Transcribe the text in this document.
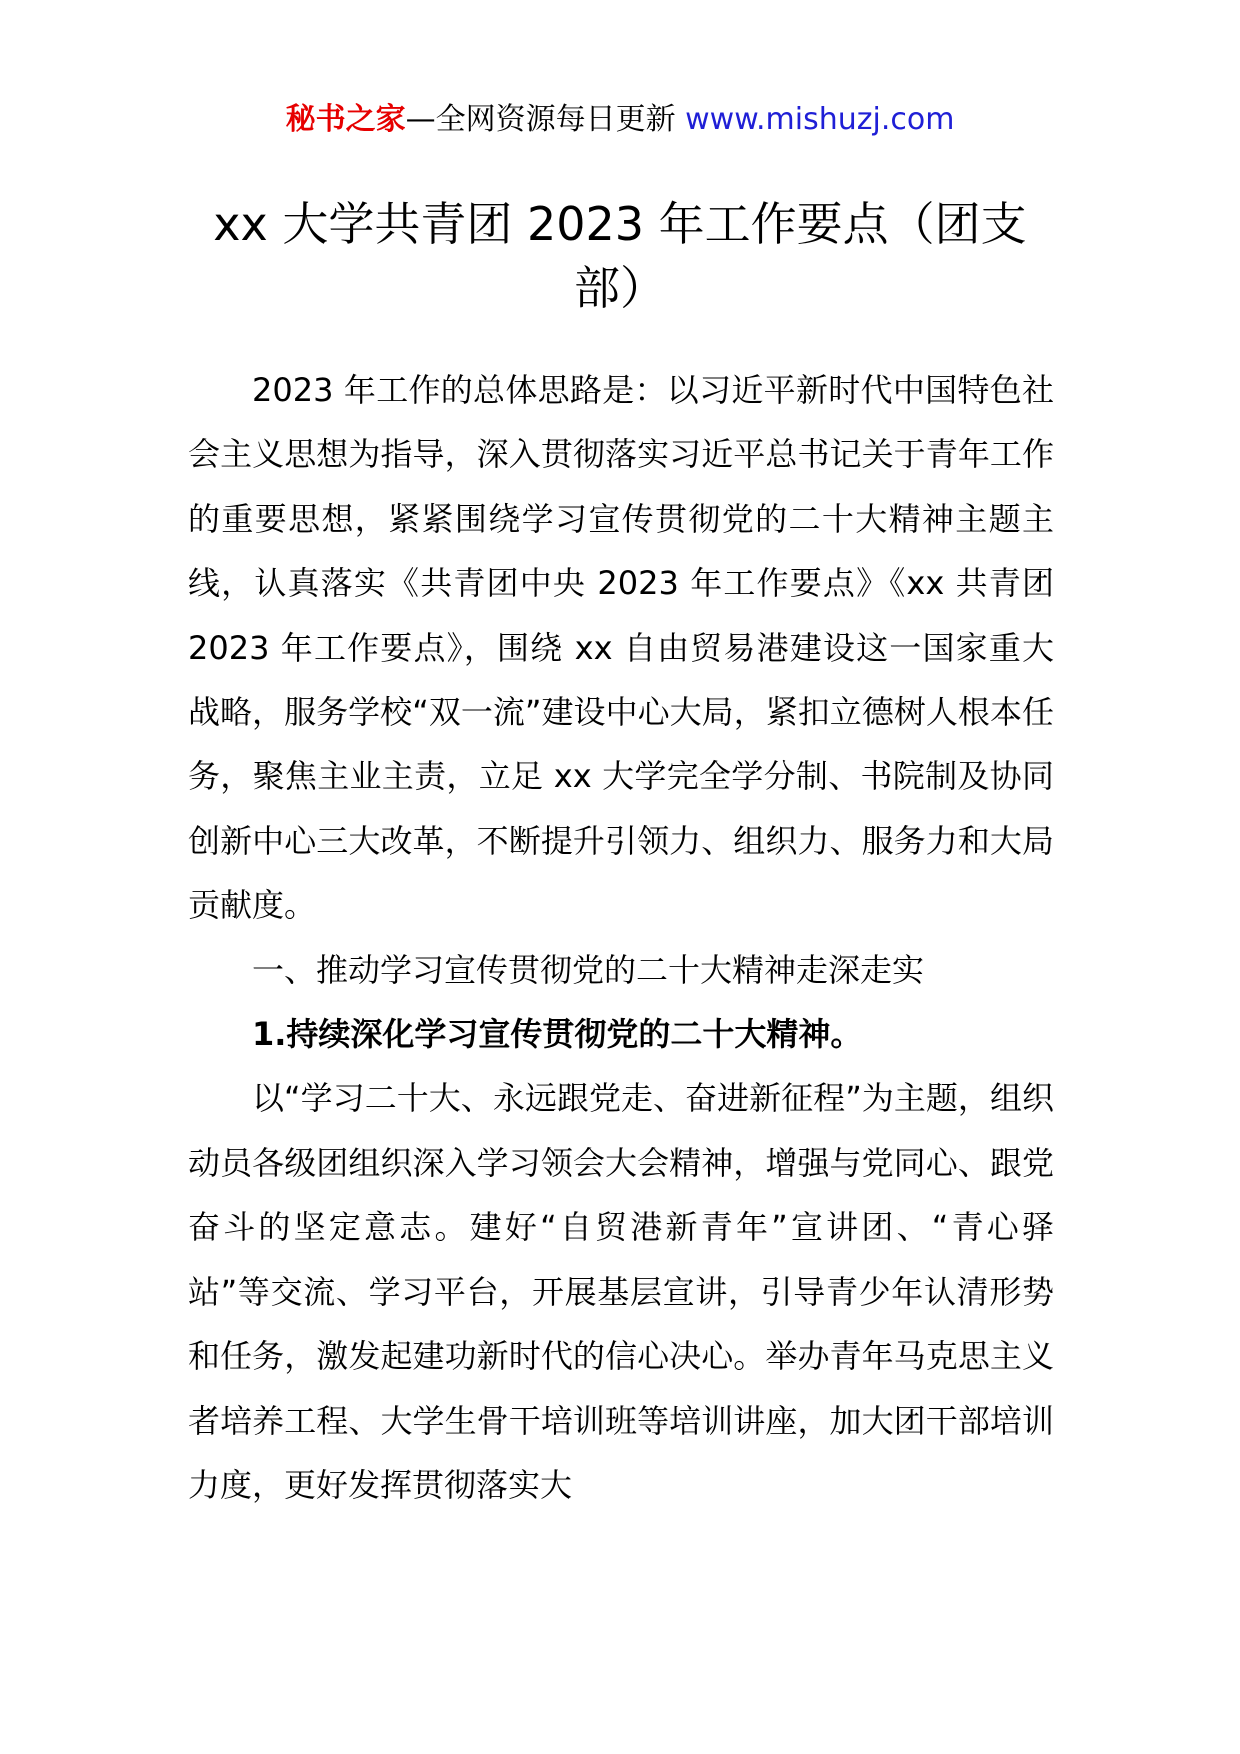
秘书之家—全网资源每日更新 www.mishuzj.com
xx 大学共青团 2023 年工作要点（团支部）

2023 年工作的总体思路是：以习近平新时代中国特色社会主义思想为指导，深入贯彻落实习近平总书记关于青年工作的重要思想，紧紧围绕学习宣传贯彻党的二十大精神主题主线，认真落实《共青团中央 2023 年工作要点》《xx 共青团 2023 年工作要点》，围绕 xx 自由贸易港建设这一国家重大战略，服务学校“双一流”建设中心大局，紧扣立德树人根本任务，聚焦主业主责，立足 xx 大学完全学分制、书院制及协同创新中心三大改革，不断提升引领力、组织力、服务力和大局贡献度。

一、推动学习宣传贯彻党的二十大精神走深走实

1.持续深化学习宣传贯彻党的二十大精神。

以“学习二十大、永远跟党走、奋进新征程”为主题，组织动员各级团组织深入学习领会大会精神，增强与党同心、跟党奋斗的坚定意志。建好“自贸港新青年”宣讲团、“青心驿站”等交流、学习平台，开展基层宣讲，引导青少年认清形势和任务，激发起建功新时代的信心决心。举办青年马克思主义者培养工程、大学生骨干培训班等培训讲座，加大团干部培训力度，更好发挥贯彻落实大
